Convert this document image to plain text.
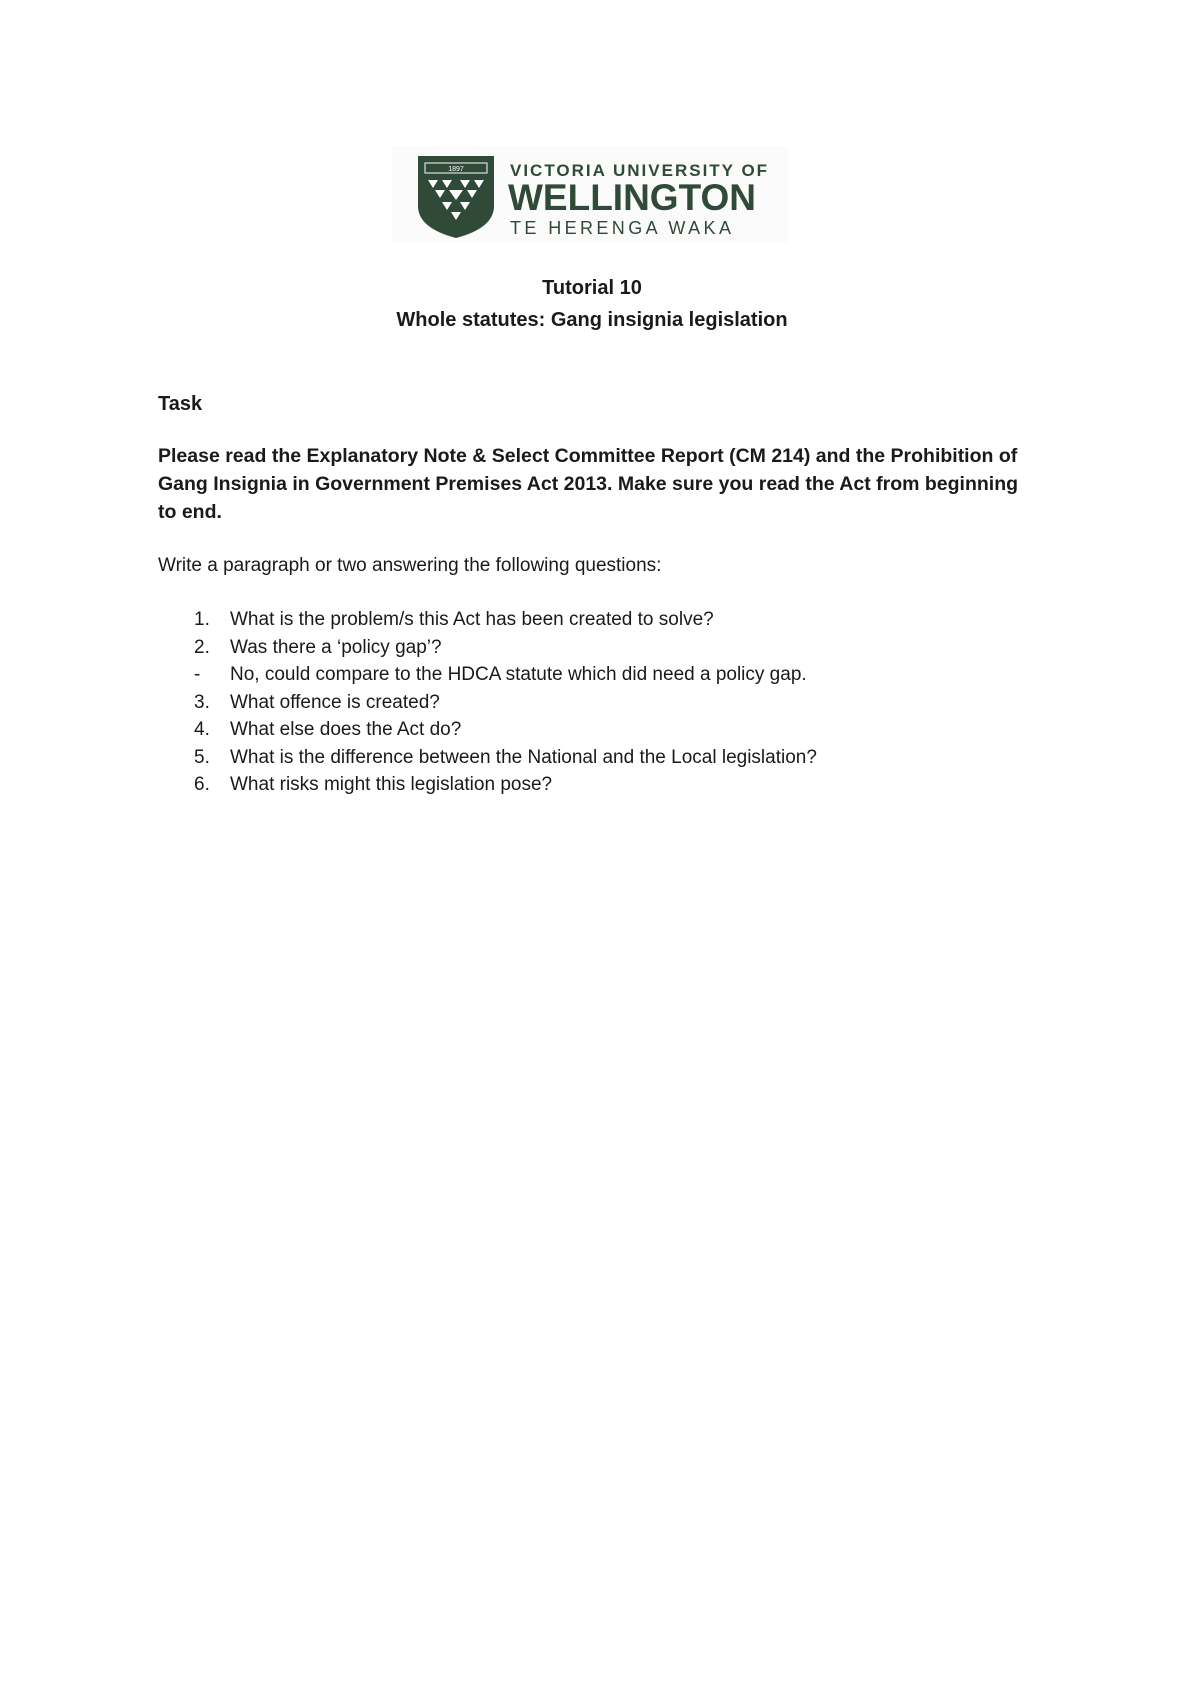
1897	VICTORIA UNIVERSITY OF
WELLINGTON
TE HERENGA WAKA
Tutorial 10
Whole statutes: Gang insignia legislation
Task
Please read the Explanatory Note & Select Committee Report (CM 214) and the Prohibition of Gang Insignia in Government Premises Act 2013. Make sure you read the Act from beginning to end.
Write a paragraph or two answering the following questions:
1. What is the problem/s this Act has been created to solve?
2. Was there a ‘policy gap’?
- No, could compare to the HDCA statute which did need a policy gap.
3. What offence is created?
4. What else does the Act do?
5. What is the difference between the National and the Local legislation?
6. What risks might this legislation pose?
